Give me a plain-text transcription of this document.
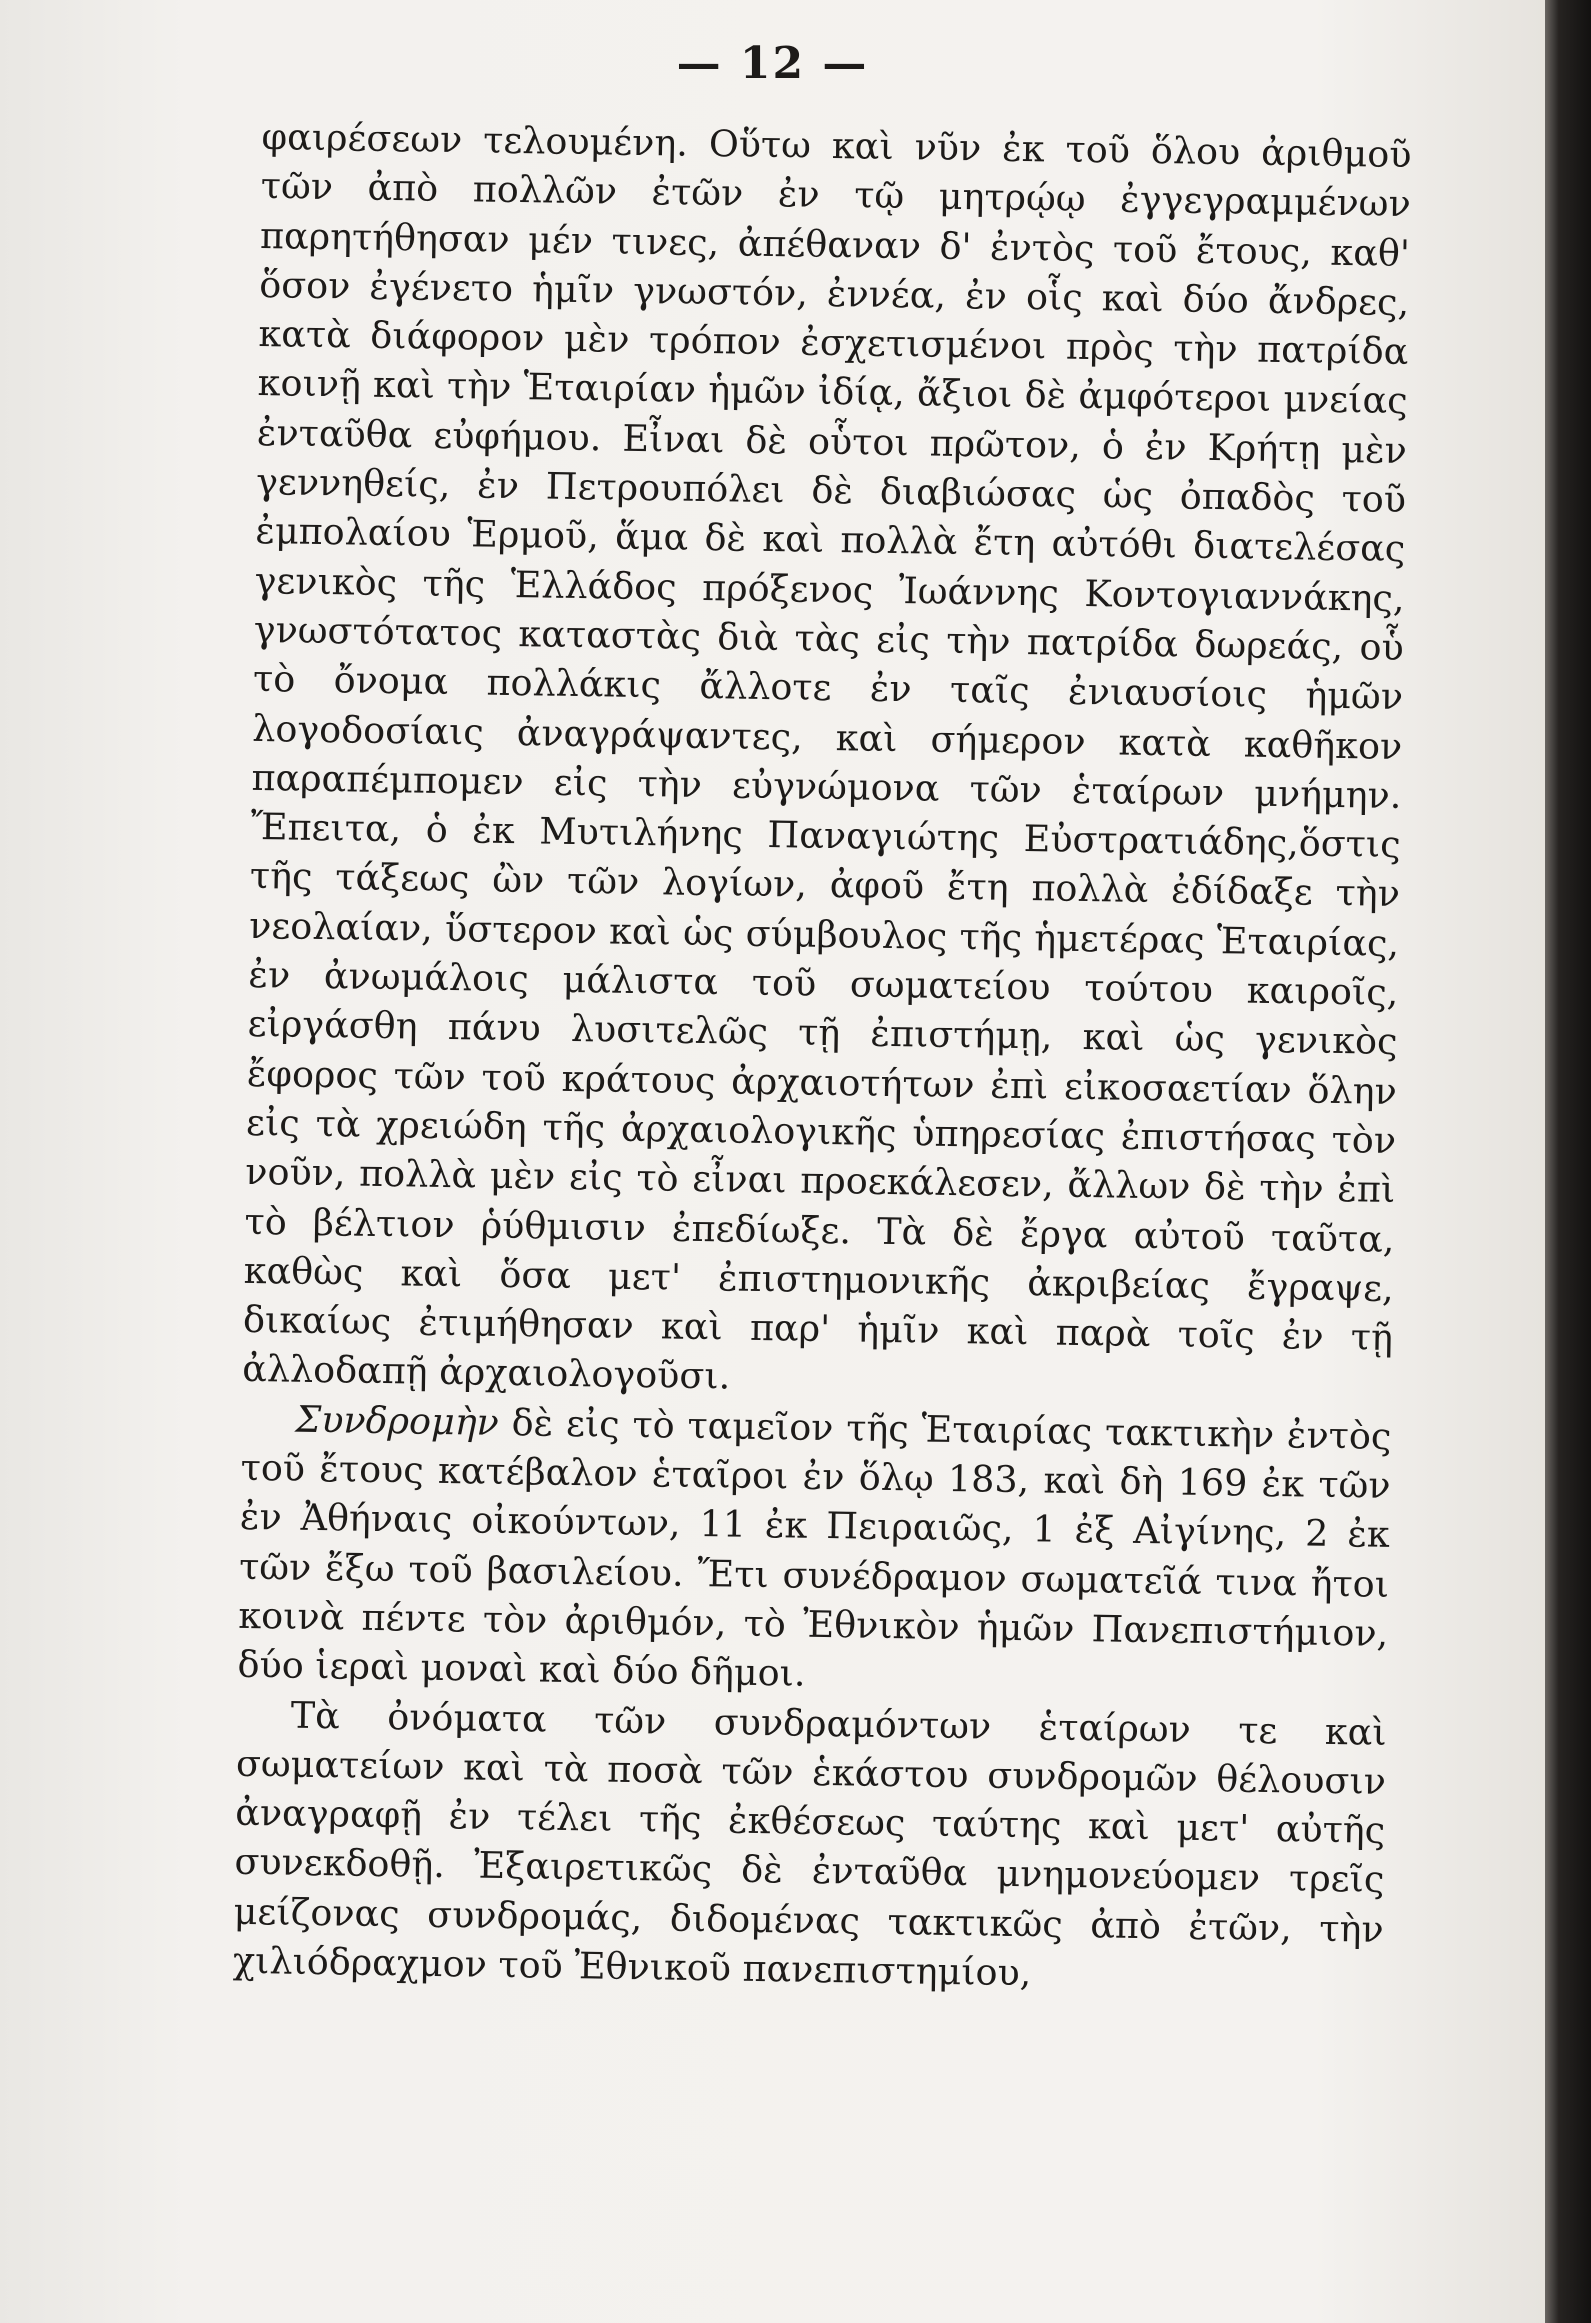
— 12 —

φαιρέσεων τελουμένη. Οὕτω καὶ νῦν ἐκ τοῦ ὅλου ἀριθμοῦ τῶν ἀπὸ πολλῶν ἐτῶν ἐν τῷ μητρῴῳ ἐγγεγραμμένων παρητήθησαν μέν τινες, ἀπέθαναν δ' ἐντὸς τοῦ ἔτους, καθ' ὅσον ἐγένετο ἡμῖν γνωστόν, ἐννέα, ἐν οἷς καὶ δύο ἄνδρες, κατὰ διάφορον μὲν τρόπον ἐσχετισμένοι πρὸς τὴν πατρίδα κοινῇ καὶ τὴν Ἑταιρίαν ἡμῶν ἰδίᾳ, ἄξιοι δὲ ἀμφότεροι μνείας ἐνταῦθα εὐφήμου. Εἶναι δὲ οὗτοι πρῶτον, ὁ ἐν Κρήτῃ μὲν γεννηθείς, ἐν Πετρουπόλει δὲ διαβιώσας ὡς ὀπαδὸς τοῦ ἐμπολαίου Ἑρμοῦ, ἅμα δὲ καὶ πολλὰ ἔτη αὐτόθι διατελέσας γενικὸς τῆς Ἑλλάδος πρόξενος Ἰωάννης Κοντογιαννάκης, γνωστότατος καταστὰς διὰ τὰς εἰς τὴν πατρίδα δωρεάς, οὗ τὸ ὄνομα πολλάκις ἄλλοτε ἐν ταῖς ἐνιαυσίοις ἡμῶν λογοδοσίαις ἀναγράψαντες, καὶ σήμερον κατὰ καθῆκον παραπέμπομεν εἰς τὴν εὐγνώμονα τῶν ἑταίρων μνήμην. Ἔπειτα, ὁ ἐκ Μυτιλήνης Παναγιώτης Εὐστρατιάδης,ὅστις τῆς τάξεως ὢν τῶν λογίων, ἀφοῦ ἔτη πολλὰ ἐδίδαξε τὴν νεολαίαν, ὕστερον καὶ ὡς σύμβουλος τῆς ἡμετέρας Ἑταιρίας, ἐν ἀνωμάλοις μάλιστα τοῦ σωματείου τούτου καιροῖς, εἰργάσθη πάνυ λυσιτελῶς τῇ ἐπιστήμῃ, καὶ ὡς γενικὸς ἔφορος τῶν τοῦ κράτους ἀρχαιοτήτων ἐπὶ εἰκοσαετίαν ὅλην εἰς τὰ χρειώδη τῆς ἀρχαιολογικῆς ὑπηρεσίας ἐπιστήσας τὸν νοῦν, πολλὰ μὲν εἰς τὸ εἶναι προεκάλεσεν, ἄλλων δὲ τὴν ἐπὶ τὸ βέλτιον ῥύθμισιν ἐπεδίωξε. Τὰ δὲ ἔργα αὐτοῦ ταῦτα, καθὼς καὶ ὅσα μετ' ἐπιστημονικῆς ἀκριβείας ἔγραψε, δικαίως ἐτιμήθησαν καὶ παρ' ἡμῖν καὶ παρὰ τοῖς ἐν τῇ ἀλλοδαπῇ ἀρχαιολογοῦσι.

Συνδρομὴν δὲ εἰς τὸ ταμεῖον τῆς Ἑταιρίας τακτικὴν ἐντὸς τοῦ ἔτους κατέβαλον ἑταῖροι ἐν ὅλῳ 183, καὶ δὴ 169 ἐκ τῶν ἐν Ἀθήναις οἰκούντων, 11 ἐκ Πειραιῶς, 1 ἐξ Αἰγίνης, 2 ἐκ τῶν ἔξω τοῦ βασιλείου. Ἔτι συνέδραμον σωματεῖά τινα ἤτοι κοινὰ πέντε τὸν ἀριθμόν, τὸ Ἐθνικὸν ἡμῶν Πανεπιστήμιον, δύο ἱεραὶ μοναὶ καὶ δύο δῆμοι.

Τὰ ὀνόματα τῶν συνδραμόντων ἑταίρων τε καὶ σωματείων καὶ τὰ ποσὰ τῶν ἑκάστου συνδρομῶν θέλουσιν ἀναγραφῇ ἐν τέλει τῆς ἐκθέσεως ταύτης καὶ μετ' αὐτῆς συνεκδοθῇ. Ἐξαιρετικῶς δὲ ἐνταῦθα μνημονεύομεν τρεῖς μείζονας συνδρομάς, διδομένας τακτικῶς ἀπὸ ἐτῶν, τὴν χιλιόδραχμον τοῦ Ἐθνικοῦ πανεπιστημίου,
